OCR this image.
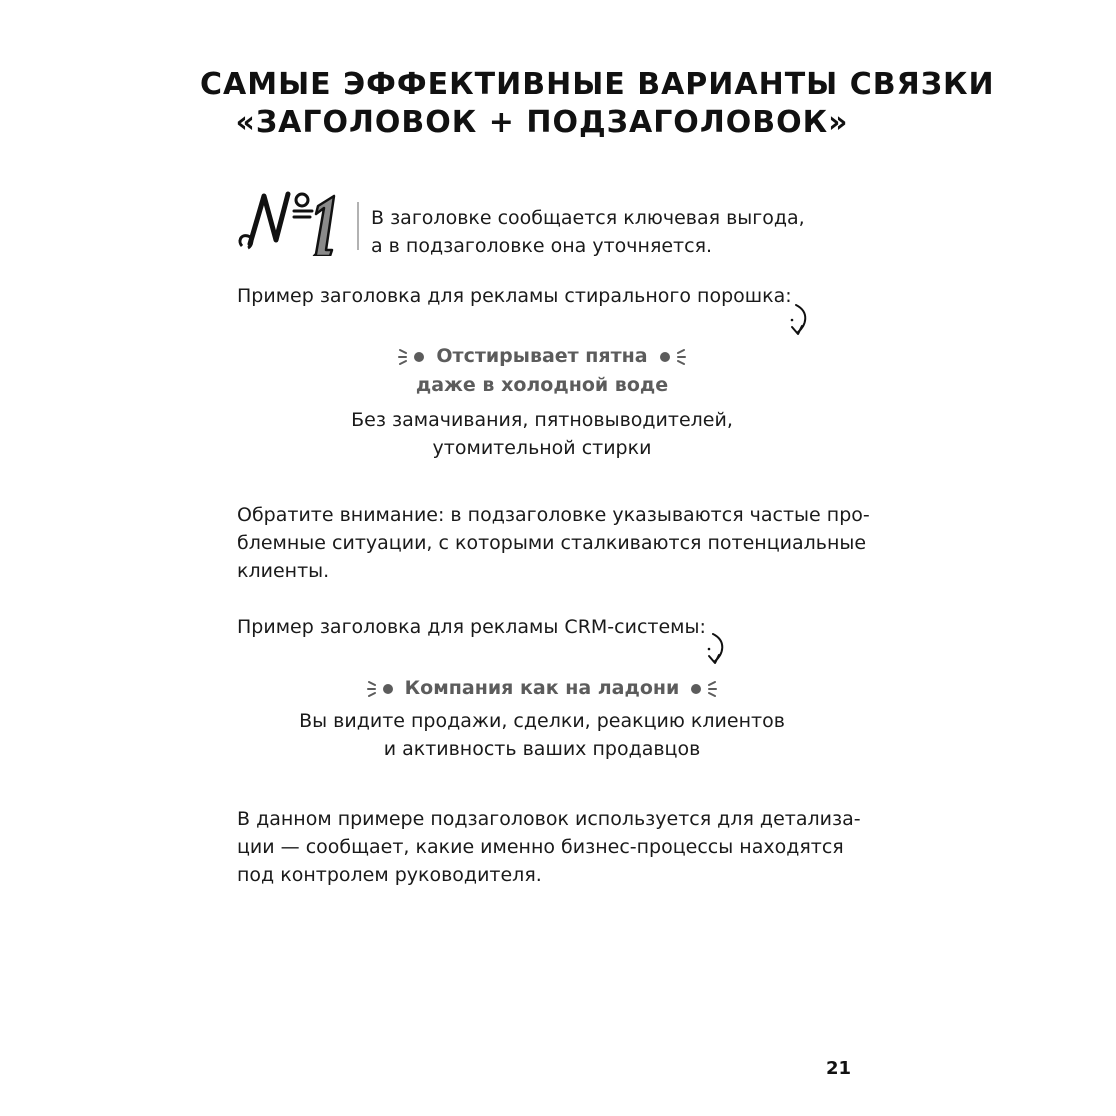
САМЫЕ ЭФФЕКТИВНЫЕ ВАРИАНТЫ СВЯЗКИ
«ЗАГОЛОВОК + ПОДЗАГОЛОВОК»
В заголовке сообщается ключевая выгода,
а в подзаголовке она уточняется.
Пример заголовка для рекламы стирального порошка:
Отстирывает пятна
даже в холодной воде
Без замачивания, пятновыводителей,
утомительной стирки
Обратите внимание: в подзаголовке указываются частые про-
блемные ситуации, с которыми сталкиваются потенциальные
клиенты.
Пример заголовка для рекламы CRM-системы:
Компания как на ладони
Вы видите продажи, сделки, реакцию клиентов
и активность ваших продавцов
В данном примере подзаголовок используется для детализа-
ции — сообщает, какие именно бизнес-процессы находятся
под контролем руководителя.
21
